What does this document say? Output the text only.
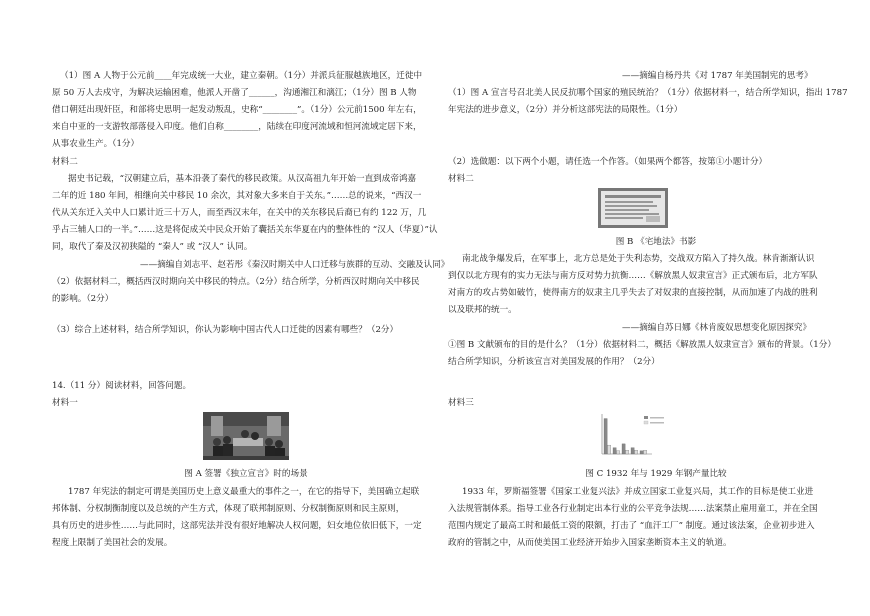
（1）图 A 人物于公元前____年完成统一大业，建立秦朝。（1分）并派兵征服越族地区，迁徙中
原 50 万人去戍守，为解决运输困难，他派人开凿了______，沟通湘江和漓江；（1分）图 B 人物
借口朝廷出现奸臣，和部将史思明一起发动叛乱，史称“________”。（1分）公元前1500 年左右，
来自中亚的一支游牧部落侵入印度。他们自称________，陆续在印度河流域和恒河流域定居下来，
从事农业生产。（1分）
材料二
据史书记载，“汉朝建立后，基本沿袭了秦代的移民政策。从汉高祖九年开始一直到成帝鸿嘉
二年的近 180 年间，相继向关中移民 10 余次，其对象大多来自于关东。”……总的说来，“西汉一
代从关东迁入关中人口累计近三十万人，而至西汉末年，在关中的关东移民后裔已有约 122 万，几
乎占三辅人口的一半。”……这是将促成关中民众开始了囊括关东华夏在内的整体性的 “汉人（华夏）”认
同，取代了秦及汉初狭隘的 “秦人” 或 “汉人” 认同。
——摘编自刘志平、赵若彤《秦汉时期关中人口迁移与族群的互动、交融及认同》
（2）依据材料二，概括西汉时期向关中移民的特点。（2分）结合所学，分析西汉时期向关中移民
的影响。（2分）
（3）综合上述材料，结合所学知识，你认为影响中国古代人口迁徙的因素有哪些？（2分）
14.（11 分）阅读材料，回答问题。
材料一
图 A 签署《独立宣言》时的场景
1787 年宪法的制定可谓是美国历史上意义最重大的事件之一，在它的指导下，美国确立起联
邦体制、分权制衡制度以及总统的产生方式，体现了联邦制原则、分权制衡原则和民主原则，
具有历史的进步性……与此同时，这部宪法并没有很好地解决人权问题，妇女地位依旧低下，一定
程度上限制了美国社会的发展。
——摘编自杨丹共《对 1787 年美国制宪的思考》
（1）图 A 宣言号召北美人民反抗哪个国家的殖民统治？（1分）依据材料一，结合所学知识，指出 1787
年宪法的进步意义，（2分）并分析这部宪法的局限性。（1分）
（2）选做题：以下两个小题，请任选一个作答。（如果两个都答，按第①小题计分）
材料二
图 B 《宅地法》书影
南北战争爆发后，在军事上，北方总是处于失利态势，交战双方陷入了持久战。林肯渐渐认识
到仅以北方现有的实力无法与南方反对势力抗衡……《解放黑人奴隶宣言》正式颁布后，北方军队
对南方的攻占势如破竹，使得南方的奴隶主几乎失去了对奴隶的直接控制，从而加速了内战的胜利
以及联邦的统一。
——摘编自苏日娜《林肯废奴思想变化原因探究》
①图 B 文献颁布的目的是什么？（1分）依据材料二，概括《解放黑人奴隶宣言》颁布的背景。（1分）
结合所学知识，分析该宣言对美国发展的作用？（2分）
材料三
图 C 1932 年与 1929 年钢产量比较
1933 年，罗斯福签署《国家工业复兴法》并成立国家工业复兴局，其工作的目标是使工业进
入法规管制体系。指导工业各行业制定出本行业的公平竞争法规……法案禁止雇用童工，并在全国
范围内规定了最高工时和最低工资的限额，打击了 “血汗工厂” 制度。通过该法案，企业初步进入
政府的管制之中，从而使美国工业经济开始步入国家垄断资本主义的轨道。
